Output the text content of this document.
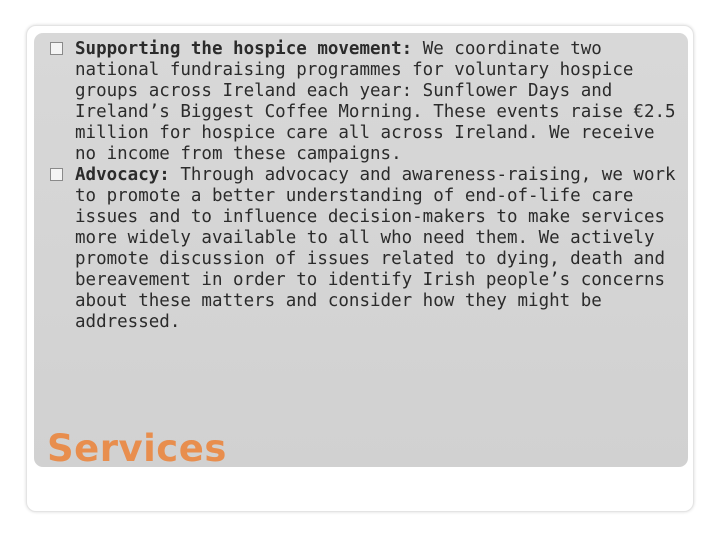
Supporting the hospice movement: We coordinate two national fundraising programmes for voluntary hospice groups across Ireland each year: Sunflower Days and Ireland’s Biggest Coffee Morning. These events raise €2.5 million for hospice care all across Ireland. We receive no income from these campaigns.

Advocacy: Through advocacy and awareness-raising, we work to promote a better understanding of end-of-life care issues and to influence decision-makers to make services more widely available to all who need them. We actively promote discussion of issues related to dying, death and bereavement in order to identify Irish people’s concerns about these matters and consider how they might be addressed.

Services
